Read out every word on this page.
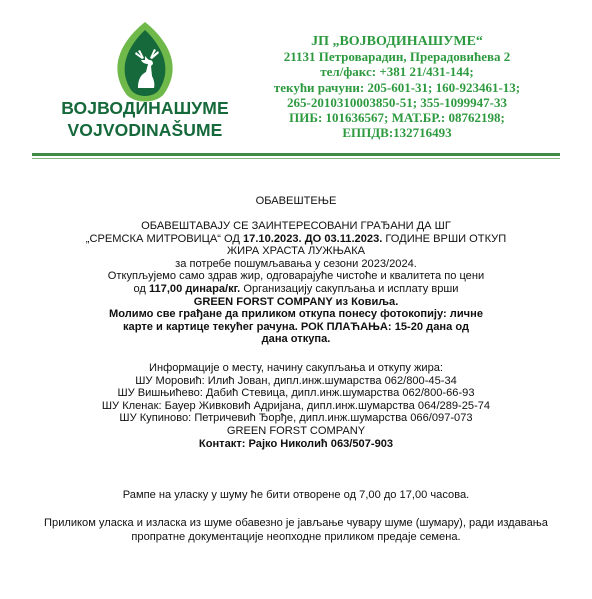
ВОЈВОДИНАШУМЕ
VOJVODINAŠUME
ЈП „ВОЈВОДИНАШУМЕ“
21131 Петроварадин, Прерадовићева 2
тел/факс: +381 21/431-144;
текући рачуни: 205-601-31; 160-923461-13;
265-2010310003850-51; 355-1099947-33
ПИБ: 101636567; МАТ.БР.: 08762198;
ЕППДВ:132716493
ОБАВЕШТЕЊЕ
ОБАВЕШТАВАЈУ СЕ ЗАИНТЕРЕСОВАНИ ГРАЂАНИ ДА ШГ
„СРЕМСКА МИТРОВИЦА“ ОД 17.10.2023. ДО 03.11.2023. ГОДИНЕ ВРШИ ОТКУП
ЖИРА ХРАСТА ЛУЖЊАКА
за потребе пошумљавања у сезони 2023/2024.
Откупљујемо само здрав жир, одговарајуће чистоће и квалитета по цени
од 117,00 динара/кг. Организацију сакупљања и исплату врши
GREEN FORST COMPANY из Ковиља.
Молимо све грађане да приликом откупа понесу фотокопију: личне
карте и картице текућег рачуна. РОК ПЛАЋАЊА: 15-20 дана од
дана откупа.
Информације о месту, начину сакупљања и откупу жира:
ШУ Моровић: Илић Јован, дипл.инж.шумарства 062/800-45-34
ШУ Вишњићево: Дабић Стевица, дипл.инж.шумарства 062/800-66-93
ШУ Кленак: Бауер Живковић Адријана, дипл.инж.шумарства 064/289-25-74
ШУ Купиново: Петричевић Ђорђе, дипл.инж.шумарства 066/097-073
GREEN FORST COMPANY
Контакт: Рајко Николић 063/507-903
Рампе на уласку у шуму ће бити отворене од 7,00 до 17,00 часова.
Приликом уласка и изласка из шуме обавезно је јављање чувару шуме (шумару), ради издавања
пропратне документације неопходне приликом предаје семена.
